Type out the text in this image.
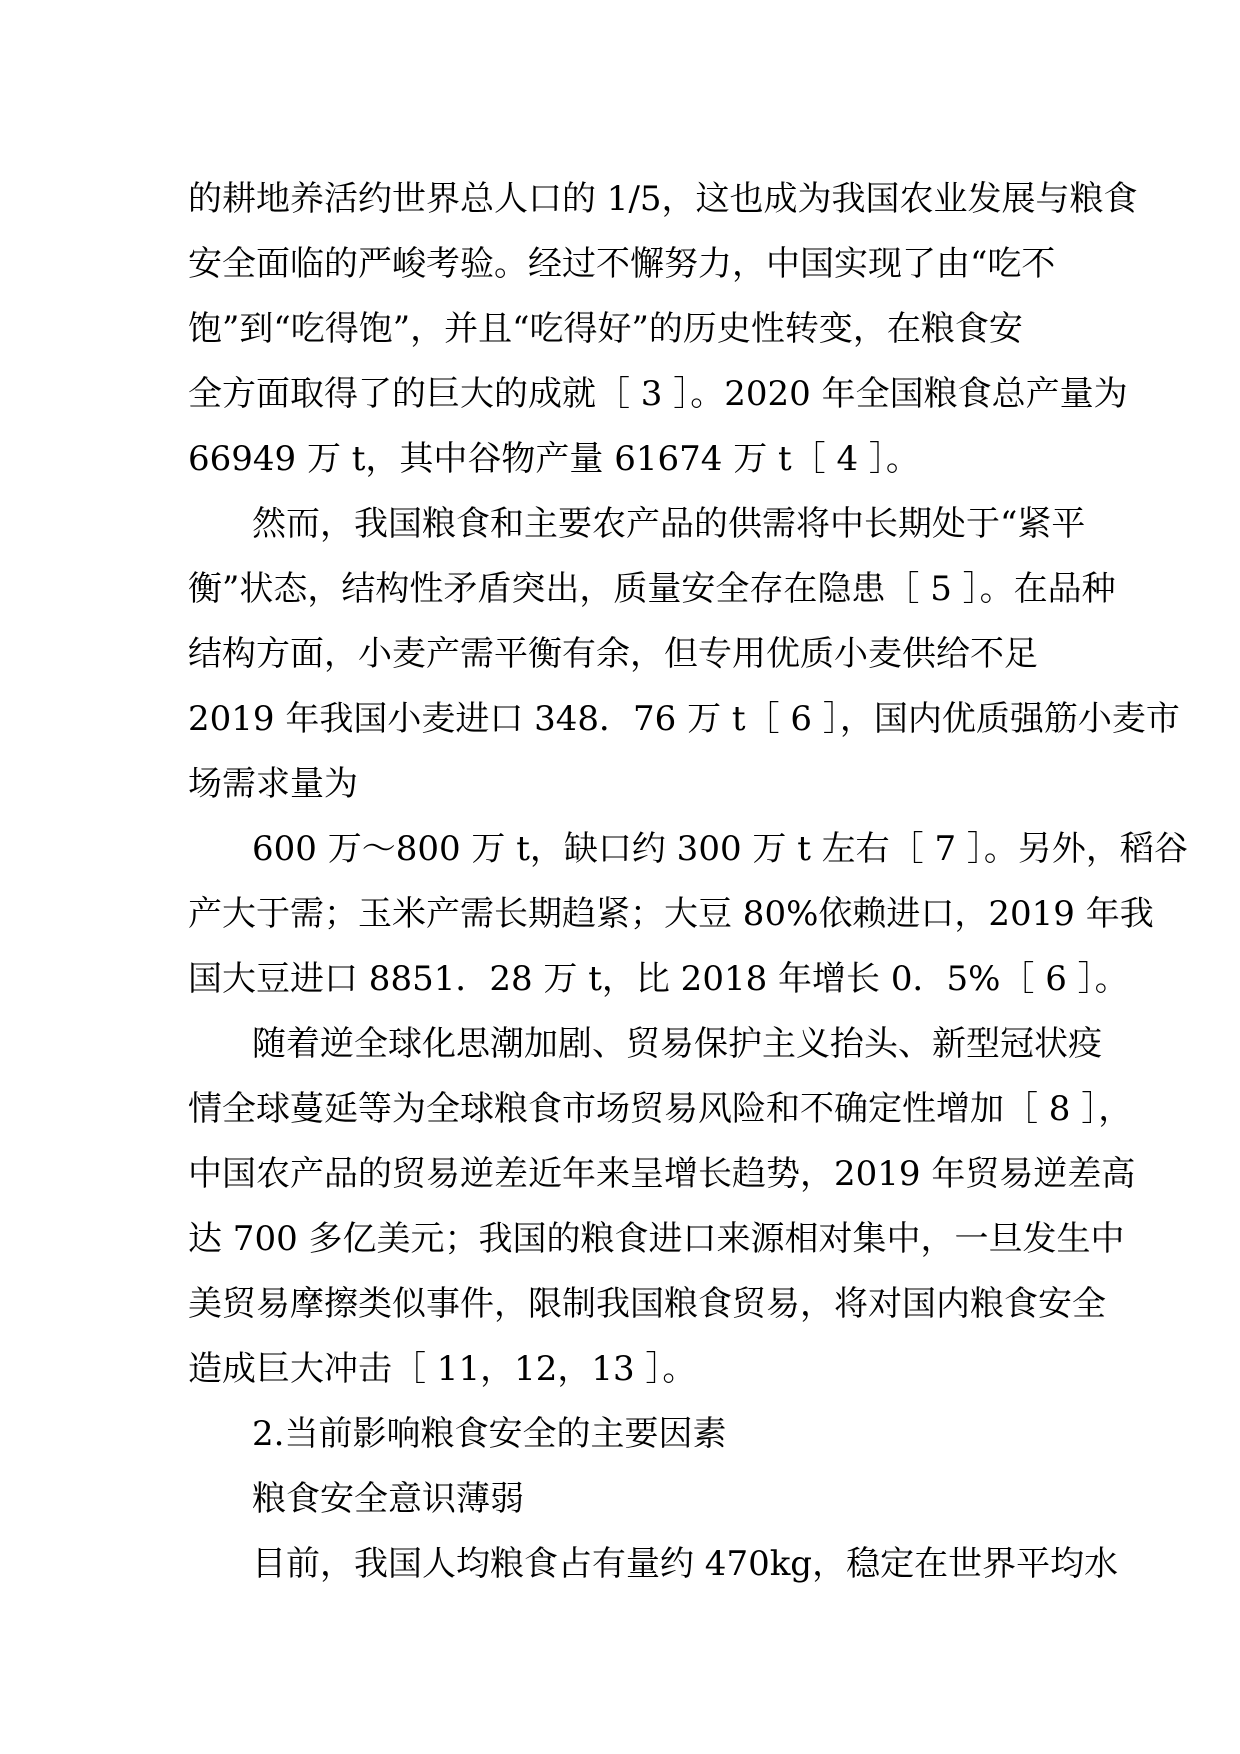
的耕地养活约世界总人口的 1/5，这也成为我国农业发展与粮食
安全面临的严峻考验。经过不懈努力，中国实现了由“吃不
饱”到“吃得饱”，并且“吃得好”的历史性转变，在粮食安
全方面取得了的巨大的成就［ 3 ］。2020 年全国粮食总产量为
66949 万 t，其中谷物产量 61674 万 t［ 4 ］。
然而，我国粮食和主要农产品的供需将中长期处于“紧平
衡”状态，结构性矛盾突出，质量安全存在隐患［ 5 ］。在品种
结构方面，小麦产需平衡有余，但专用优质小麦供给不足
2019 年我国小麦进口 348．76 万 t［ 6 ］，国内优质强筋小麦市
场需求量为
600 万～800 万 t，缺口约 300 万 t 左右［ 7 ］。另外，稻谷
产大于需；玉米产需长期趋紧；大豆 80%依赖进口，2019 年我
国大豆进口 8851．28 万 t，比 2018 年增长 0．5%［ 6 ］。
随着逆全球化思潮加剧、贸易保护主义抬头、新型冠状疫
情全球蔓延等为全球粮食市场贸易风险和不确定性增加［ 8 ］，
中国农产品的贸易逆差近年来呈增长趋势，2019 年贸易逆差高
达 700 多亿美元；我国的粮食进口来源相对集中，一旦发生中
美贸易摩擦类似事件，限制我国粮食贸易，将对国内粮食安全
造成巨大冲击［ 11，12，13 ］。
2.当前影响粮食安全的主要因素
粮食安全意识薄弱
目前，我国人均粮食占有量约 470kg，稳定在世界平均水
